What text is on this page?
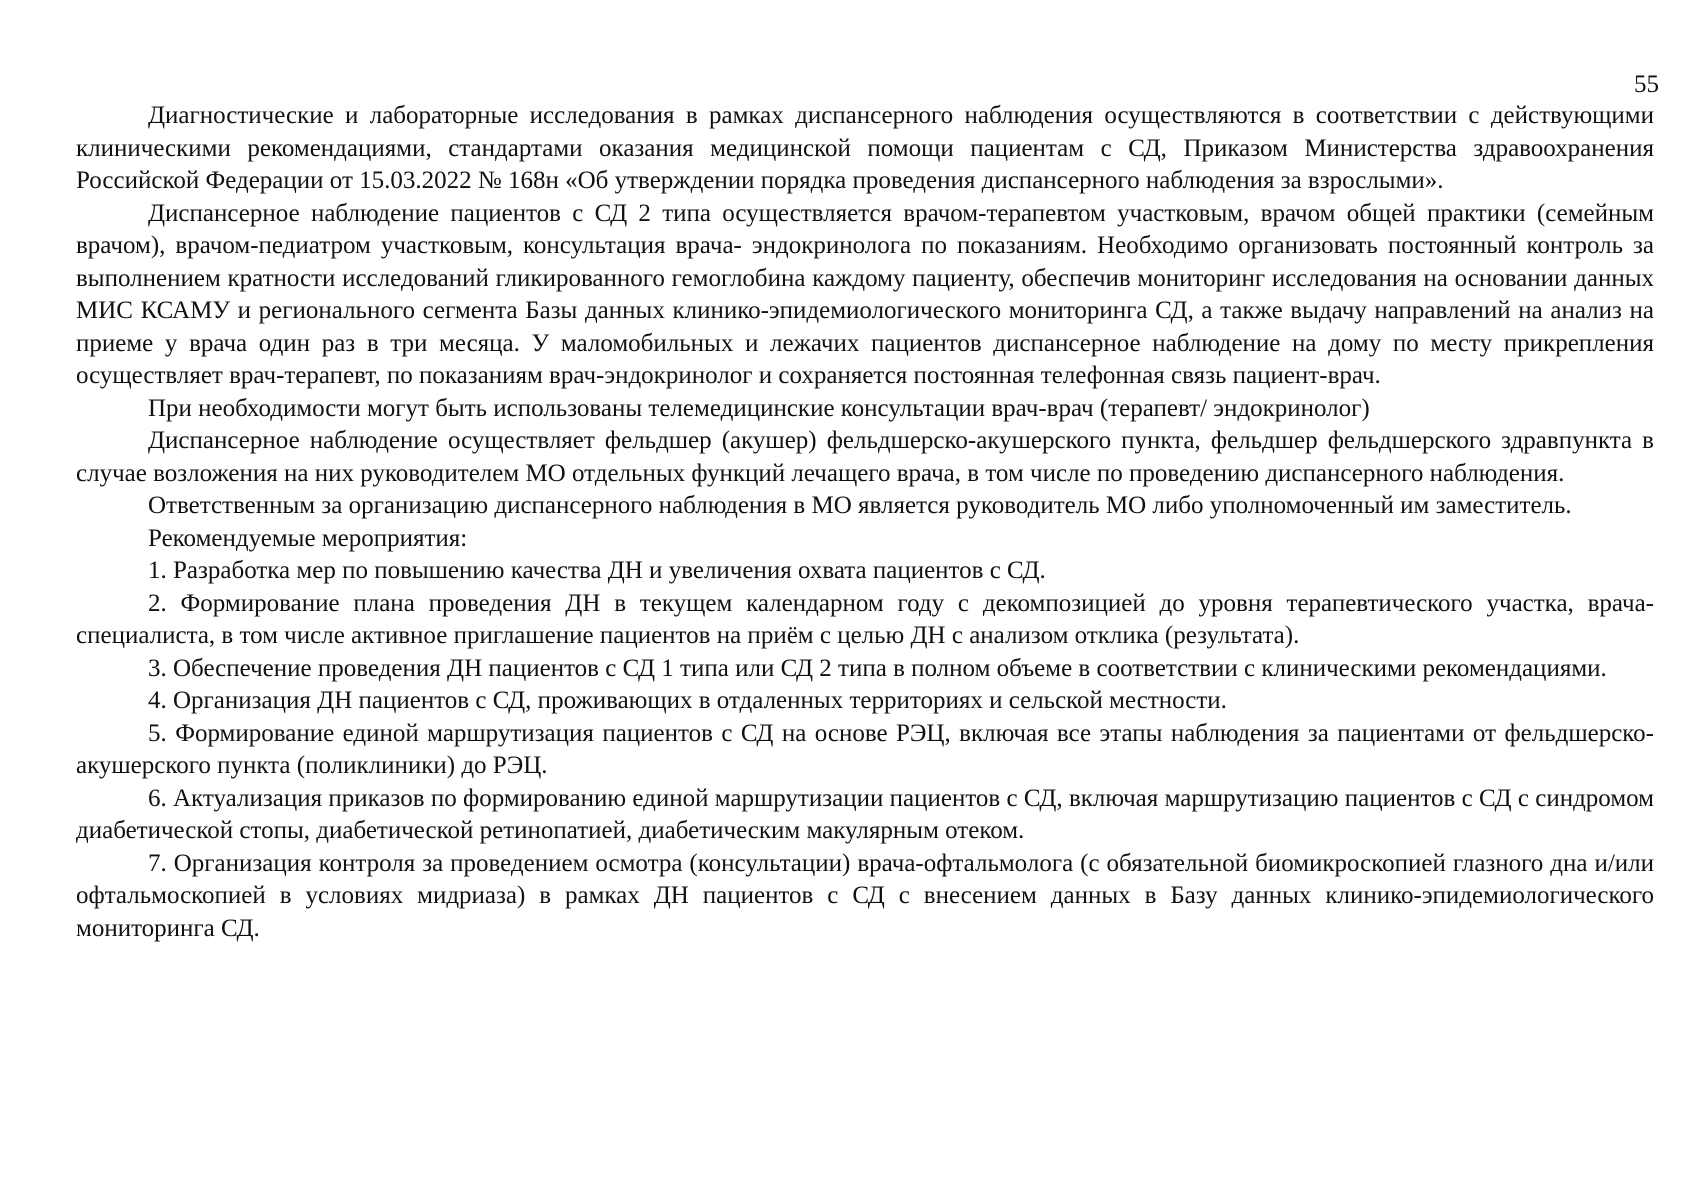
55

Диагностические и лабораторные исследования в рамках диспансерного наблюдения осуществляются в соответствии с действующими клиническими рекомендациями, стандартами оказания медицинской помощи пациентам с СД, Приказом Министерства здравоохранения Российской Федерации от 15.03.2022 № 168н «Об утверждении порядка проведения диспансерного наблюдения за взрослыми».

Диспансерное наблюдение пациентов с СД 2 типа осуществляется врачом-терапевтом участковым, врачом общей практики (семейным врачом), врачом-педиатром участковым, консультация врача- эндокринолога по показаниям. Необходимо организовать постоянный контроль за выполнением кратности исследований гликированного гемоглобина каждому пациенту, обеспечив мониторинг исследования на основании данных МИС КСАМУ и регионального сегмента Базы данных клинико-эпидемиологического мониторинга СД, а также выдачу направлений на анализ на приеме у врача один раз в три месяца. У маломобильных и лежачих пациентов диспансерное наблюдение на дому по месту прикрепления осуществляет врач-терапевт, по показаниям врач-эндокринолог и сохраняется постоянная телефонная связь пациент-врач.

При необходимости могут быть использованы телемедицинские консультации врач-врач (терапевт/ эндокринолог)

Диспансерное наблюдение осуществляет фельдшер (акушер) фельдшерско-акушерского пункта, фельдшер фельдшерского здравпункта в случае возложения на них руководителем МО отдельных функций лечащего врача, в том числе по проведению диспансерного наблюдения.

Ответственным за организацию диспансерного наблюдения в МО является руководитель МО либо уполномоченный им заместитель.

Рекомендуемые мероприятия:

1. Разработка мер по повышению качества ДН и увеличения охвата пациентов с СД.

2. Формирование плана проведения ДН в текущем календарном году с декомпозицией до уровня терапевтического участка, врача-специалиста, в том числе активное приглашение пациентов на приём с целью ДН с анализом отклика (результата).

3. Обеспечение проведения ДН пациентов с СД 1 типа или СД 2 типа в полном объеме в соответствии с клиническими рекомендациями.

4. Организация ДН пациентов с СД, проживающих в отдаленных территориях и сельской местности.

5. Формирование единой маршрутизация пациентов с СД на основе РЭЦ, включая все этапы наблюдения за пациентами от фельдшерско-акушерского пункта (поликлиники) до РЭЦ.

6. Актуализация приказов по формированию единой маршрутизации пациентов с СД, включая маршрутизацию пациентов с СД с синдромом диабетической стопы, диабетической ретинопатией, диабетическим макулярным отеком.

7. Организация контроля за проведением осмотра (консультации) врача-офтальмолога (с обязательной биомикроскопией глазного дна и/или офтальмоскопией в условиях мидриаза) в рамках ДН пациентов с СД с внесением данных в Базу данных клинико-эпидемиологического мониторинга СД.
